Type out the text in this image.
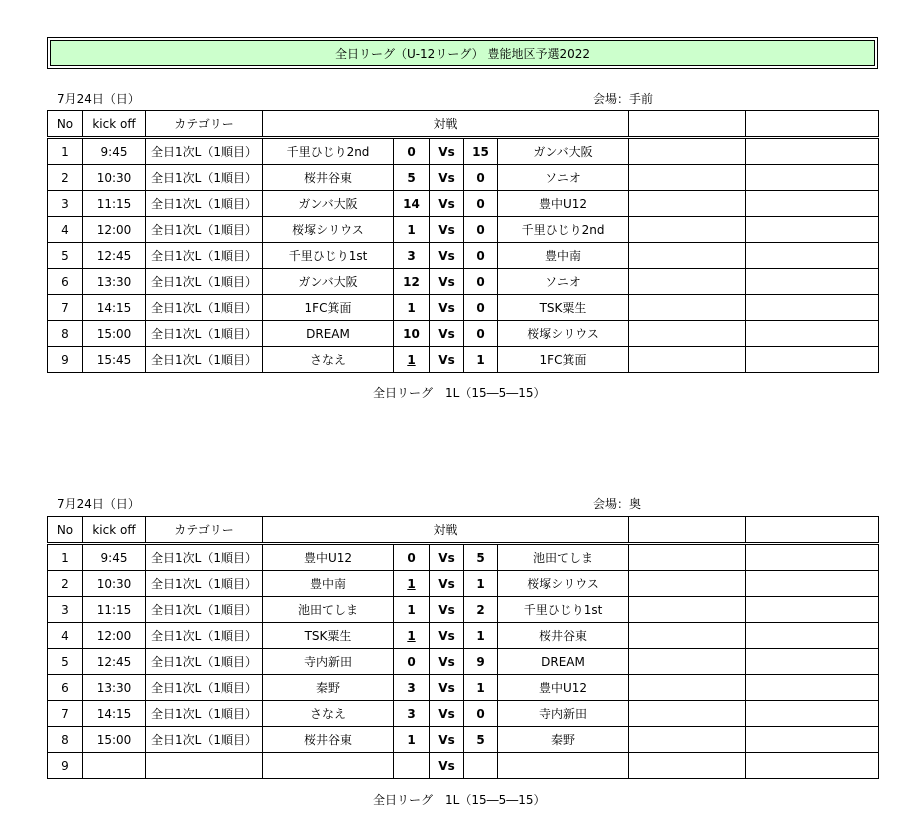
全日リーグ（U-12リーグ） 豊能地区予選2022
7月24日（日）	会場：手前
No	kick off	カテゴリー	対戦						
1	9:45	全日1次L（1順目）	千里ひじり2nd	0	Vs	15	ガンバ大阪		
2	10:30	全日1次L（1順目）	桜井谷東	5	Vs	0	ソニオ		
3	11:15	全日1次L（1順目）	ガンバ大阪	14	Vs	0	豊中U12		
4	12:00	全日1次L（1順目）	桜塚シリウス	1	Vs	0	千里ひじり2nd		
5	12:45	全日1次L（1順目）	千里ひじり1st	3	Vs	0	豊中南		
6	13:30	全日1次L（1順目）	ガンバ大阪	12	Vs	0	ソニオ		
7	14:15	全日1次L（1順目）	1FC箕面	1	Vs	0	TSK粟生		
8	15:00	全日1次L（1順目）	DREAM	10	Vs	0	桜塚シリウス		
9	15:45	全日1次L（1順目）	さなえ	1	Vs	1	1FC箕面		
全日リーグ　1L（15―5―15）
7月24日（日）	会場：奥
No	kick off	カテゴリー	対戦						
1	9:45	全日1次L（1順目）	豊中U12	0	Vs	5	池田てしま		
2	10:30	全日1次L（1順目）	豊中南	1	Vs	1	桜塚シリウス		
3	11:15	全日1次L（1順目）	池田てしま	1	Vs	2	千里ひじり1st		
4	12:00	全日1次L（1順目）	TSK粟生	1	Vs	1	桜井谷東		
5	12:45	全日1次L（1順目）	寺内新田	0	Vs	9	DREAM		
6	13:30	全日1次L（1順目）	秦野	3	Vs	1	豊中U12		
7	14:15	全日1次L（1順目）	さなえ	3	Vs	0	寺内新田		
8	15:00	全日1次L（1順目）	桜井谷東	1	Vs	5	秦野		
9					Vs				
全日リーグ　1L（15―5―15）
